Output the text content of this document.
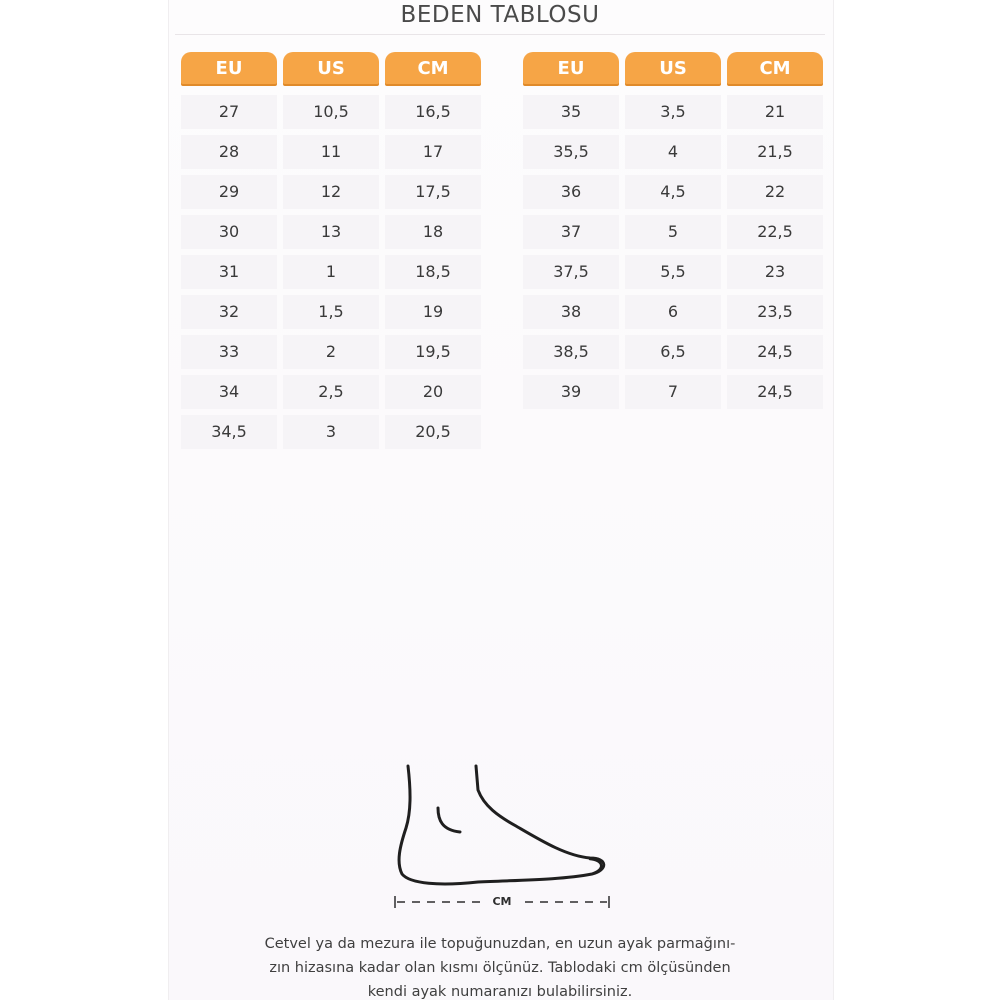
BEDEN TABLOSU
EU	US	CM
27	10,5	16,5
28	11	17
29	12	17,5
30	13	18
31	1	18,5
32	1,5	19
33	2	19,5
34	2,5	20
34,5	3	20,5
EU	US	CM
35	3,5	21
35,5	4	21,5
36	4,5	22
37	5	22,5
37,5	5,5	23
38	6	23,5
38,5	6,5	24,5
39	7	24,5
CM
Cetvel ya da mezura ile topuğunuzdan, en uzun ayak parmağını-
zın hizasına kadar olan kısmı ölçünüz. Tablodaki cm ölçüsünden
kendi ayak numaranızı bulabilirsiniz.
